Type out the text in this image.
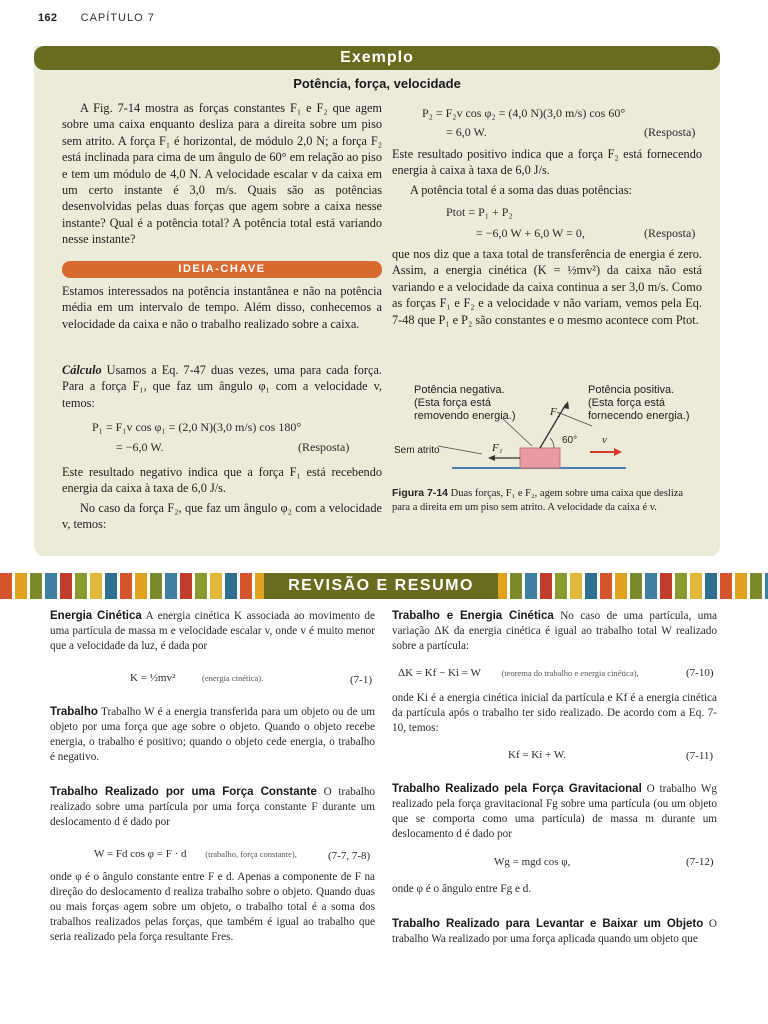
162 CAPÍTULO 7
Exemplo
Potência, força, velocidade

A Fig. 7-14 mostra as forças constantes F₁ e F₂ que agem sobre uma caixa enquanto desliza para a direita sobre um piso sem atrito. A força F₁ é horizontal, de módulo 2,0 N; a força F₂ está inclinada para cima de um ângulo de 60° em relação ao piso e tem um módulo de 4,0 N. A velocidade escalar v da caixa em um certo instante é 3,0 m/s. Quais são as potências desenvolvidas pelas duas forças que agem sobre a caixa nesse instante? Qual é a potência total? A potência total está variando nesse instante?

IDEIA-CHAVE

Estamos interessados na potência instantânea e não na potência média em um intervalo de tempo. Além disso, conhecemos a velocidade da caixa e não o trabalho realizado sobre a caixa.

Cálculo Usamos a Eq. 7-47 duas vezes, uma para cada força. Para a força F₁, que faz um ângulo φ₁ com a velocidade v, temos:

P₁ = F₁v cos φ₁ = (2,0 N)(3,0 m/s) cos 180°
= −6,0 W.	(Resposta)

Este resultado negativo indica que a força F₁ está recebendo energia da caixa à taxa de 6,0 J/s.

No caso da força F₂, que faz um ângulo φ₂ com a velocidade v, temos:

P₂ = F₂v cos φ₂ = (4,0 N)(3,0 m/s) cos 60°
= 6,0 W.	(Resposta)

Este resultado positivo indica que a força F₂ está fornecendo energia à caixa à taxa de 6,0 J/s.

A potência total é a soma das duas potências:

Ptot = P₁ + P₂
= −6,0 W + 6,0 W = 0,	(Resposta)

que nos diz que a taxa total de transferência de energia é zero. Assim, a energia cinética (K = ½mv²) da caixa não está variando e a velocidade da caixa continua a ser 3,0 m/s. Como as forças F₁ e F₂ e a velocidade v não variam, vemos pela Eq. 7-48 que P₁ e P₂ são constantes e o mesmo acontece com Ptot.

Potência negativa.
(Esta força está
removendo energia.)
Potência positiva.
(Esta força está
fornecendo energia.)
Sem atrito
60°
F₁
F₂
v
Figura 7-14 Duas forças, F₁ e F₂, agem sobre uma caixa que desliza para a direita em um piso sem atrito. A velocidade da caixa é v.
REVISÃO E RESUMO
Energia Cinética A energia cinética K associada ao movimento de uma partícula de massa m e velocidade escalar v, onde v é muito menor que a velocidade da luz, é dada por
K = ½mv²	(energia cinética).	(7-1)
Trabalho Trabalho W é a energia transferida para um objeto ou de um objeto por uma força que age sobre o objeto. Quando o objeto recebe energia, o trabalho é positivo; quando o objeto cede energia, o trabalho é negativo.
Trabalho Realizado por uma Força Constante O trabalho realizado sobre uma partícula por uma força constante F durante um deslocamento d é dado por
W = Fd cos φ = F · d (trabalho, força constante),	(7-7, 7-8)
onde φ é o ângulo constante entre F e d. Apenas a componente de F na direção do deslocamento d realiza trabalho sobre o objeto. Quando duas ou mais forças agem sobre um objeto, o trabalho total é a soma dos trabalhos realizados pelas forças, que também é igual ao trabalho que seria realizado pela força resultante Fres.
Trabalho e Energia Cinética No caso de uma partícula, uma variação ΔK da energia cinética é igual ao trabalho total W realizado sobre a partícula:
ΔK = Kf − Ki = W (teorema do trabalho e energia cinética),	(7-10)
onde Ki é a energia cinética inicial da partícula e Kf é a energia cinética da partícula após o trabalho ter sido realizado. De acordo com a Eq. 7-10, temos:
Kf = Ki + W.	(7-11)
Trabalho Realizado pela Força Gravitacional O trabalho Wg realizado pela força gravitacional Fg sobre uma partícula (ou um objeto que se comporta como uma partícula) de massa m durante um deslocamento d é dado por
Wg = mgd cos φ,	(7-12)
onde φ é o ângulo entre Fg e d.
Trabalho Realizado para Levantar e Baixar um Objeto O trabalho Wa realizado por uma força aplicada quando um objeto que
